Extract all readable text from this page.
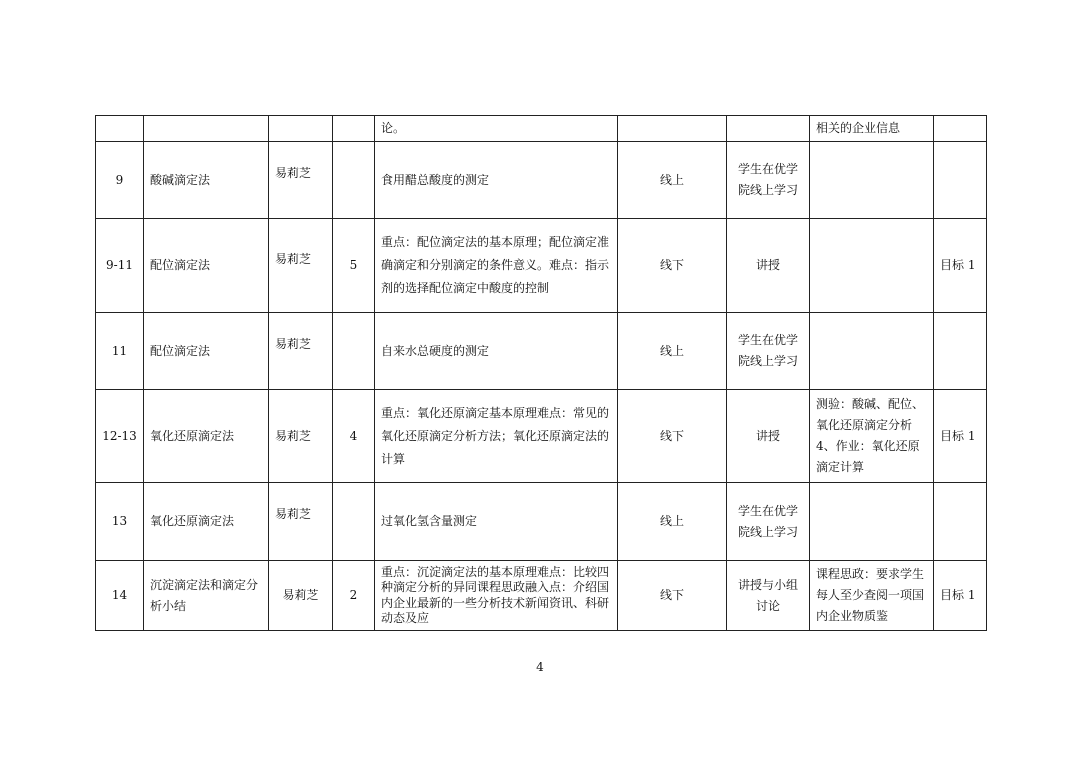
				论。			相关的企业信息	
9	酸碱滴定法	易莉芝		食用醋总酸度的测定	线上	学生在优学院线上学习		
9-11	配位滴定法	易莉芝	5	重点：配位滴定法的基本原理；配位滴定准确滴定和分别滴定的条件意义。难点：指示剂的选择配位滴定中酸度的控制	线下	讲授		目标 1
11	配位滴定法	易莉芝		自来水总硬度的测定	线上	学生在优学院线上学习		
12-13	氧化还原滴定法	易莉芝	4	重点：氧化还原滴定基本原理难点：常见的氧化还原滴定分析方法；氧化还原滴定法的计算	线下	讲授	测验：酸碱、配位、氧化还原滴定分析 4、作业：氧化还原滴定计算	目标 1
13	氧化还原滴定法	易莉芝		过氧化氢含量测定	线上	学生在优学院线上学习		
14	沉淀滴定法和滴定分析小结	易莉芝	2	重点：沉淀滴定法的基本原理难点：比较四种滴定分析的异同课程思政融入点：介绍国内企业最新的一些分析技术新闻资讯、科研动态及应	线下	讲授与小组讨论	课程思政：要求学生每人至少查阅一项国内企业物质鉴	目标 1
4
